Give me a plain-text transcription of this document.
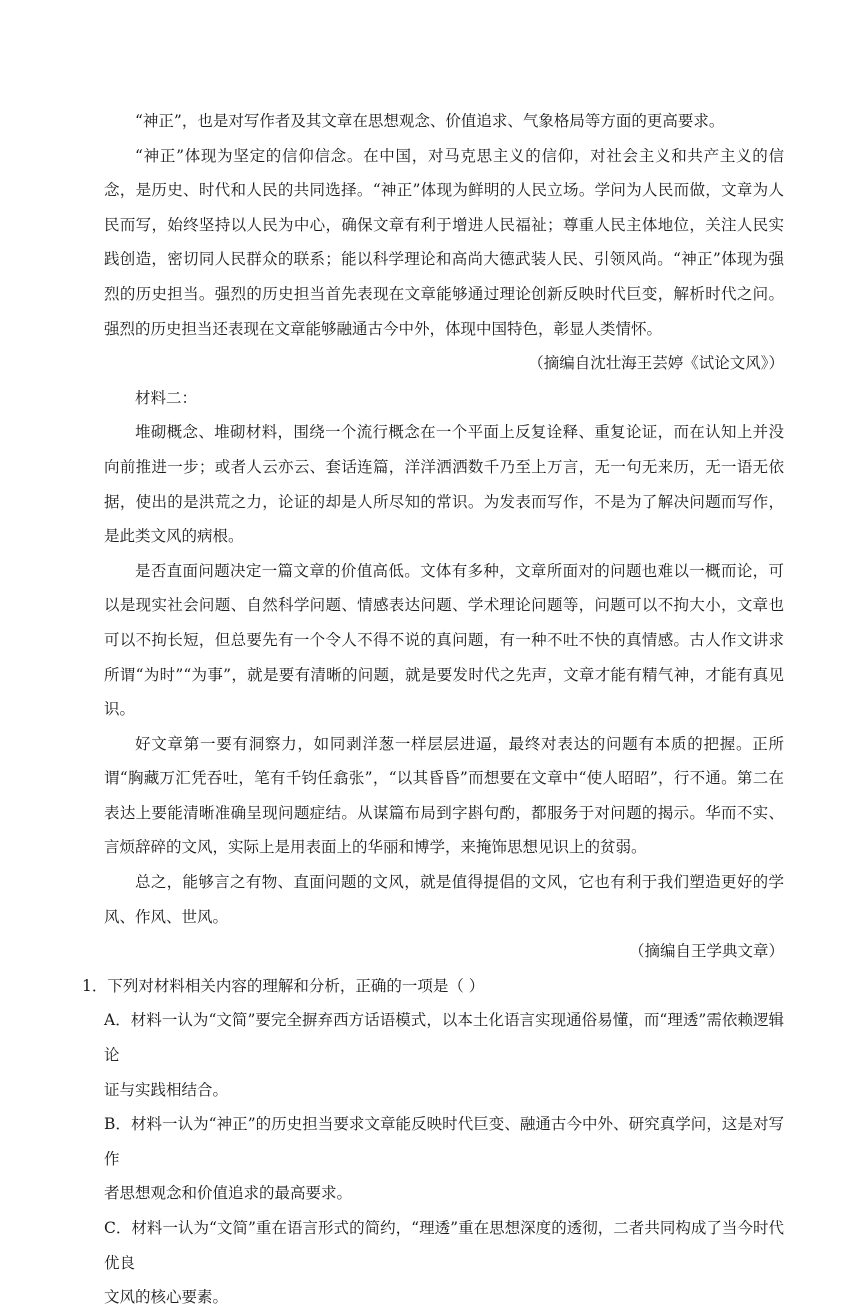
“神正”，也是对写作者及其文章在思想观念、价值追求、气象格局等方面的更高要求。

“神正”体现为坚定的信仰信念。在中国，对马克思主义的信仰，对社会主义和共产主义的信念，是历史、时代和人民的共同选择。“神正”体现为鲜明的人民立场。学问为人民而做，文章为人民而写，始终坚持以人民为中心，确保文章有利于增进人民福祉；尊重人民主体地位，关注人民实践创造，密切同人民群众的联系；能以科学理论和高尚大德武装人民、引领风尚。“神正”体现为强烈的历史担当。强烈的历史担当首先表现在文章能够通过理论创新反映时代巨变，解析时代之问。强烈的历史担当还表现在文章能够融通古今中外，体现中国特色，彰显人类情怀。

（摘编自沈壮海王芸婷《试论文风》）

材料二：

堆砌概念、堆砌材料，围绕一个流行概念在一个平面上反复诠释、重复论证，而在认知上并没向前推进一步；或者人云亦云、套话连篇，洋洋洒洒数千乃至上万言，无一句无来历，无一语无依据，使出的是洪荒之力，论证的却是人所尽知的常识。为发表而写作，不是为了解决问题而写作，是此类文风的病根。

是否直面问题决定一篇文章的价值高低。文体有多种，文章所面对的问题也难以一概而论，可以是现实社会问题、自然科学问题、情感表达问题、学术理论问题等，问题可以不拘大小，文章也可以不拘长短，但总要先有一个令人不得不说的真问题，有一种不吐不快的真情感。古人作文讲求所谓“为时”“为事”，就是要有清晰的问题，就是要发时代之先声，文章才能有精气神，才能有真见识。

好文章第一要有洞察力，如同剥洋葱一样层层进逼，最终对表达的问题有本质的把握。正所谓“胸藏万汇凭吞吐，笔有千钧任翕张”，“以其昏昏”而想要在文章中“使人昭昭”，行不通。第二在表达上要能清晰准确呈现问题症结。从谋篇布局到字斟句酌，都服务于对问题的揭示。华而不实、言烦辞碎的文风，实际上是用表面上的华丽和博学，来掩饰思想见识上的贫弱。

总之，能够言之有物、直面问题的文风，就是值得提倡的文风，它也有利于我们塑造更好的学风、作风、世风。

（摘编自王学典文章）

1．下列对材料相关内容的理解和分析，正确的一项是（ ）

A．材料一认为“文简”要完全摒弃西方话语模式，以本土化语言实现通俗易懂，而“理透”需依赖逻辑论
证与实践相结合。

B．材料一认为“神正”的历史担当要求文章能反映时代巨变、融通古今中外、研究真学问，这是对写作
者思想观念和价值追求的最高要求。

C．材料一认为“文简”重在语言形式的简约，“理透”重在思想深度的透彻，二者共同构成了当今时代优良
文风的核心要素。
